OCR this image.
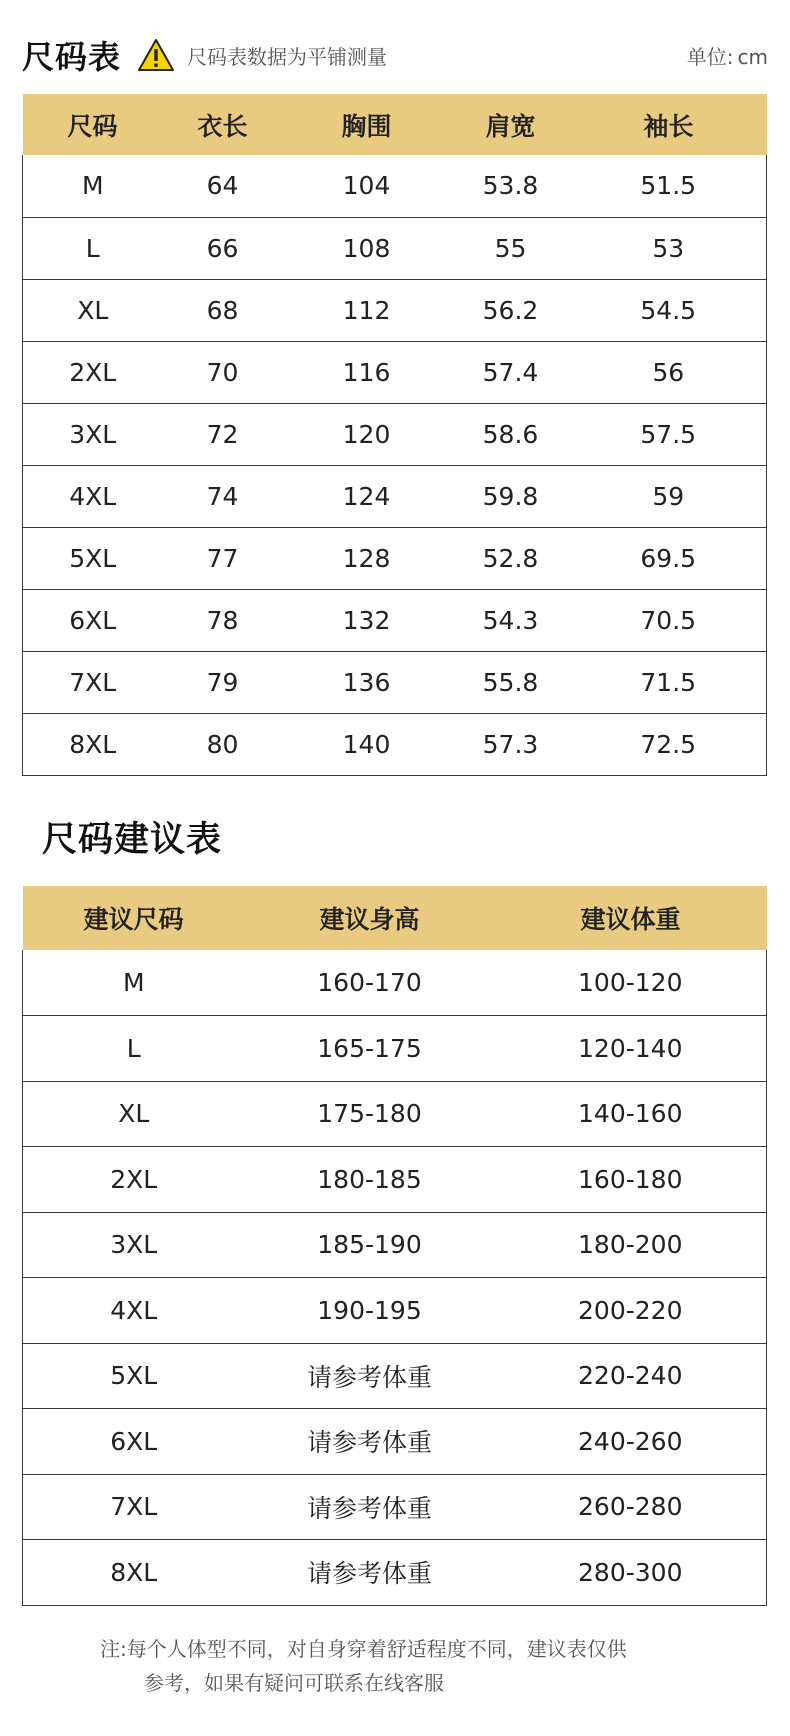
尺码表	尺码表数据为平铺测量	单位: cm
尺码	衣长	胸围	肩宽	袖长
M	64	104	53.8	51.5
L	66	108	55	53
XL	68	112	56.2	54.5
2XL	70	116	57.4	56
3XL	72	120	58.6	57.5
4XL	74	124	59.8	59
5XL	77	128	52.8	69.5
6XL	78	132	54.3	70.5
7XL	79	136	55.8	71.5
8XL	80	140	57.3	72.5
尺码建议表
建议尺码	建议身高	建议体重
M	160-170	100-120
L	165-175	120-140
XL	175-180	140-160
2XL	180-185	160-180
3XL	185-190	180-200
4XL	190-195	200-220
5XL	请参考体重	220-240
6XL	请参考体重	240-260
7XL	请参考体重	260-280
8XL	请参考体重	280-300
注:每个人体型不同，对自身穿着舒适程度不同，建议表仅供
参考，如果有疑问可联系在线客服
